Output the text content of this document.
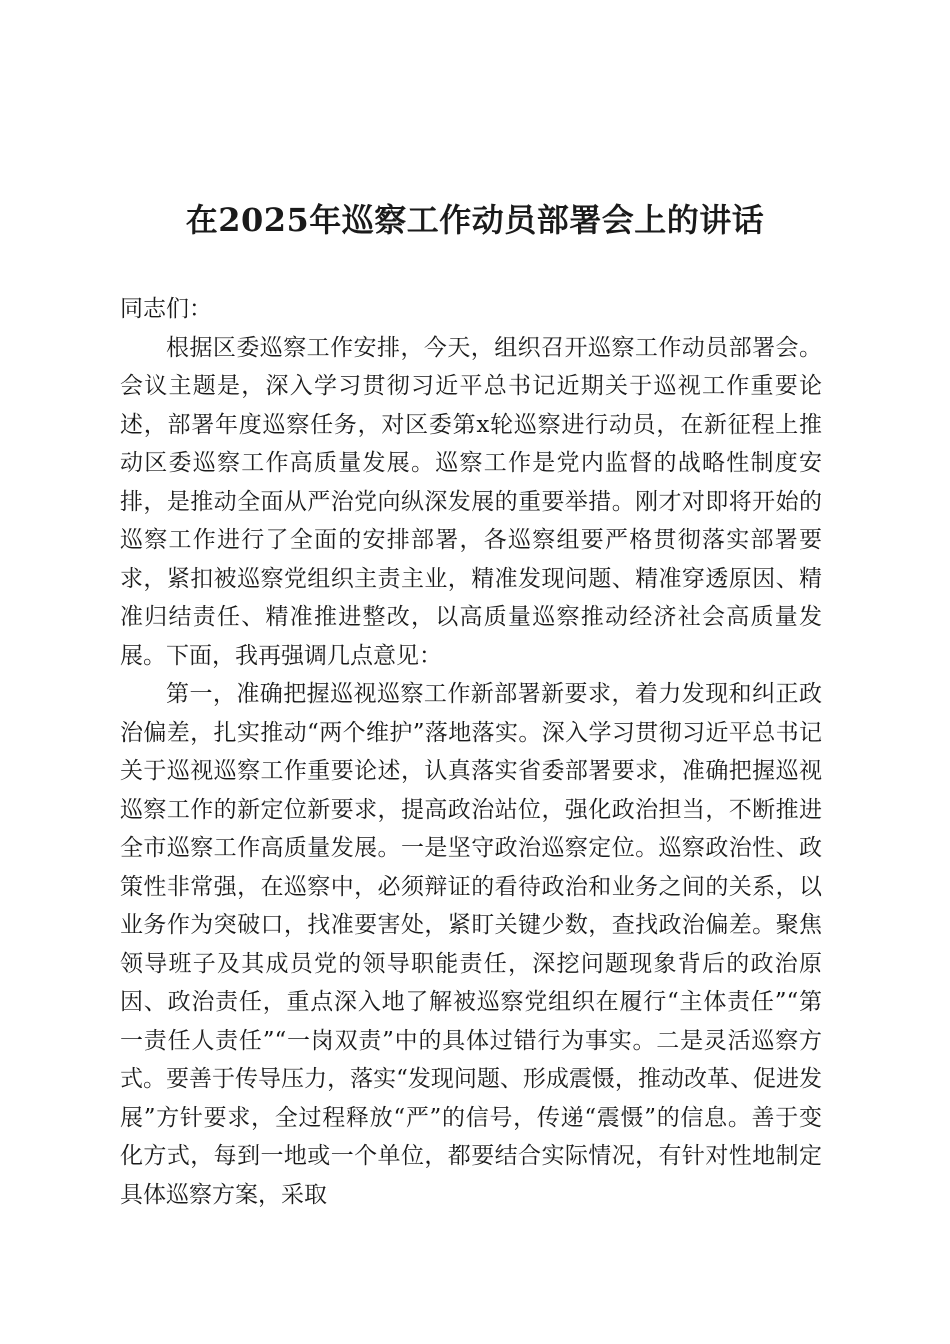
在2025年巡察工作动员部署会上的讲话

同志们：

根据区委巡察工作安排，今天，组织召开巡察工作动员部署会。会议主题是，深入学习贯彻习近平总书记近期关于巡视工作重要论述，部署年度巡察任务，对区委第x轮巡察进行动员，在新征程上推动区委巡察工作高质量发展。巡察工作是党内监督的战略性制度安排，是推动全面从严治党向纵深发展的重要举措。刚才对即将开始的巡察工作进行了全面的安排部署，各巡察组要严格贯彻落实部署要求，紧扣被巡察党组织主责主业，精准发现问题、精准穿透原因、精准归结责任、精准推进整改，以高质量巡察推动经济社会高质量发展。下面，我再强调几点意见：

第一，准确把握巡视巡察工作新部署新要求，着力发现和纠正政治偏差，扎实推动“两个维护”落地落实。深入学习贯彻习近平总书记关于巡视巡察工作重要论述，认真落实省委部署要求，准确把握巡视巡察工作的新定位新要求，提高政治站位，强化政治担当，不断推进全市巡察工作高质量发展。一是坚守政治巡察定位。巡察政治性、政策性非常强，在巡察中，必须辩证的看待政治和业务之间的关系，以业务作为突破口，找准要害处，紧盯关键少数，查找政治偏差。聚焦领导班子及其成员党的领导职能责任，深挖问题现象背后的政治原因、政治责任，重点深入地了解被巡察党组织在履行“主体责任”“第一责任人责任”“一岗双责”中的具体过错行为事实。二是灵活巡察方式。要善于传导压力，落实“发现问题、形成震慑，推动改革、促进发展”方针要求，全过程释放“严”的信号，传递“震慑”的信息。善于变化方式，每到一地或一个单位，都要结合实际情况，有针对性地制定具体巡察方案，采取
